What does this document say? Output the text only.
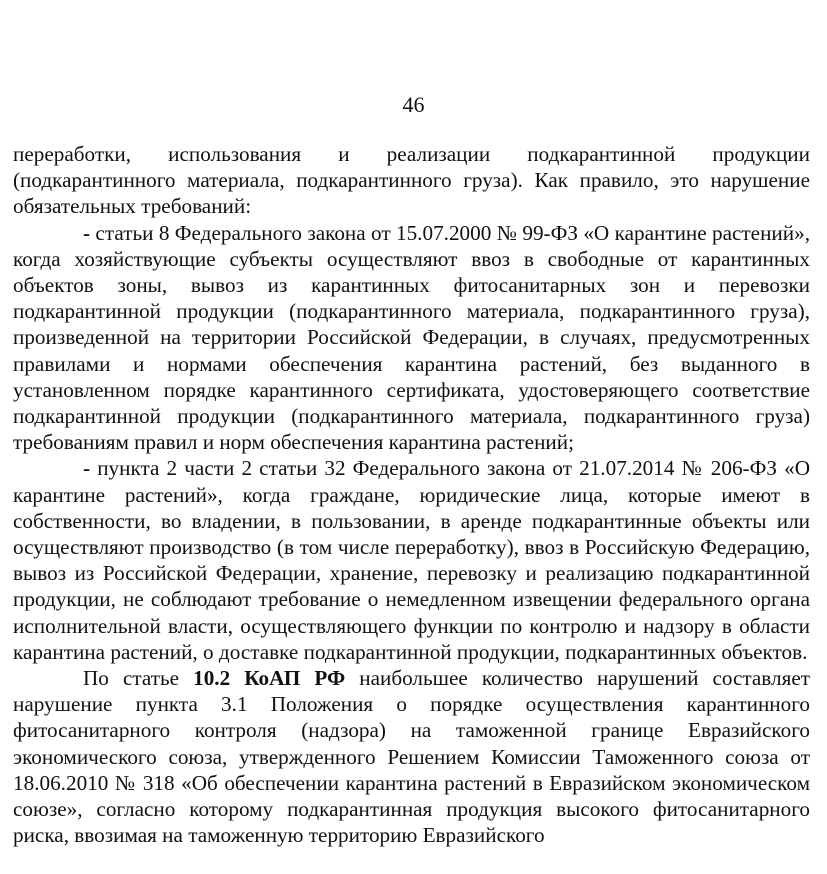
46

переработки, использования и реализации подкарантинной продукции (подкарантинного материала, подкарантинного груза). Как правило, это нарушение обязательных требований:

- статьи 8 Федерального закона от 15.07.2000 № 99-ФЗ «О карантине растений», когда хозяйствующие субъекты осуществляют ввоз в свободные от карантинных объектов зоны, вывоз из карантинных фитосанитарных зон и перевозки подкарантинной продукции (подкарантинного материала, подкарантинного груза), произведенной на территории Российской Федерации, в случаях, предусмотренных правилами и нормами обеспечения карантина растений, без выданного в установленном порядке карантинного сертификата, удостоверяющего соответствие подкарантинной продукции (подкарантинного материала, подкарантинного груза) требованиям правил и норм обеспечения карантина растений;

- пункта 2 части 2 статьи 32 Федерального закона от 21.07.2014 № 206-ФЗ «О карантине растений», когда граждане, юридические лица, которые имеют в собственности, во владении, в пользовании, в аренде подкарантинные объекты или осуществляют производство (в том числе переработку), ввоз в Российскую Федерацию, вывоз из Российской Федерации, хранение, перевозку и реализацию подкарантинной продукции, не соблюдают требование о немедленном извещении федерального органа исполнительной власти, осуществляющего функции по контролю и надзору в области карантина растений, о доставке подкарантинной продукции, подкарантинных объектов.

По статье 10.2 КоАП РФ наибольшее количество нарушений составляет нарушение пункта 3.1 Положения о порядке осуществления карантинного фитосанитарного контроля (надзора) на таможенной границе Евразийского экономического союза, утвержденного Решением Комиссии Таможенного союза от 18.06.2010 № 318 «Об обеспечении карантина растений в Евразийском экономическом союзе», согласно которому подкарантинная продукция высокого фитосанитарного риска, ввозимая на таможенную территорию Евразийского
